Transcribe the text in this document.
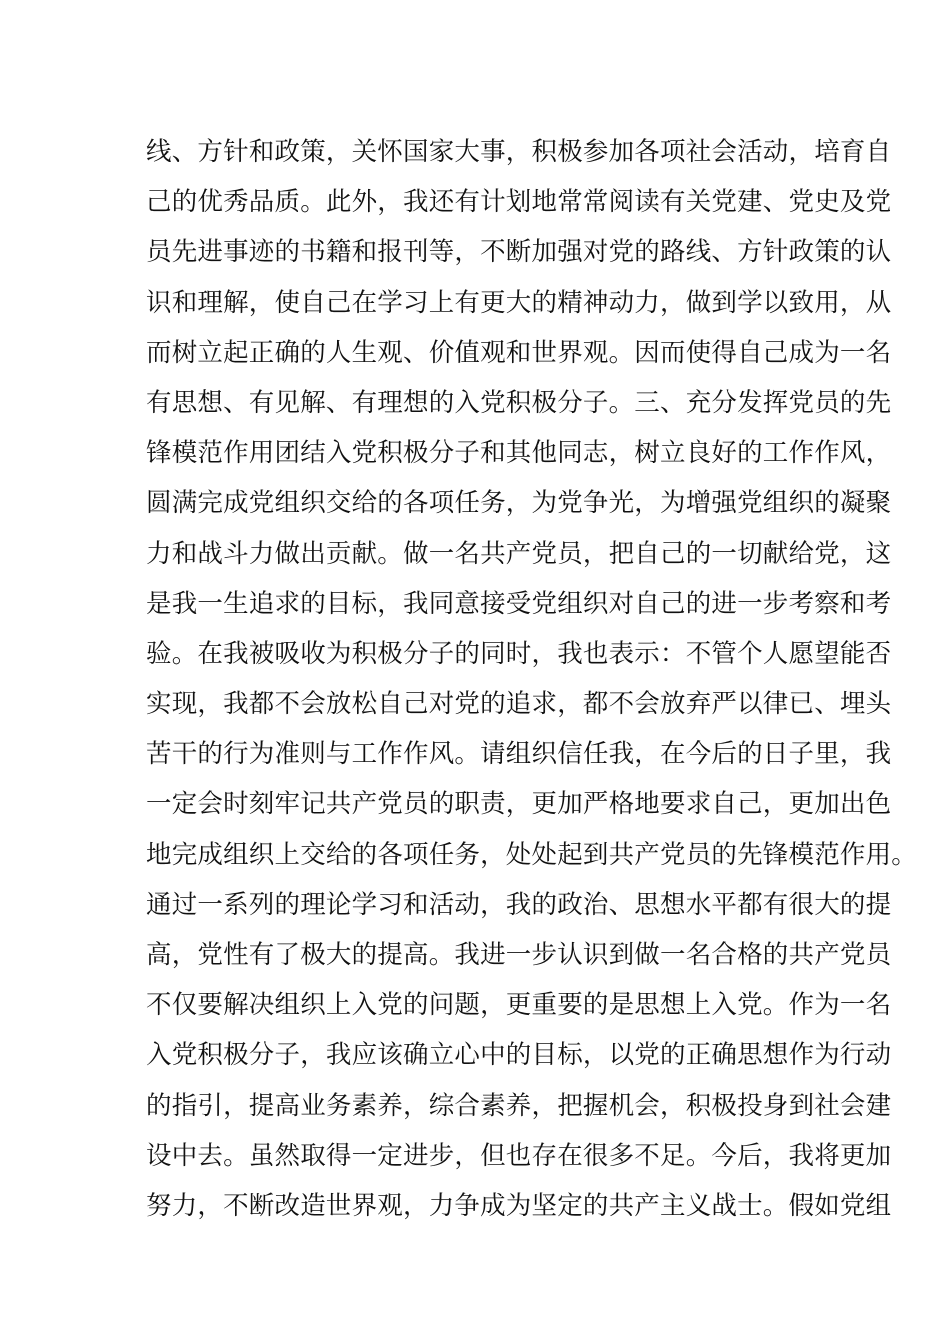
线、方针和政策，关怀国家大事，积极参加各项社会活动，培育自
己的优秀品质。此外，我还有计划地常常阅读有关党建、党史及党
员先进事迹的书籍和报刊等，不断加强对党的路线、方针政策的认
识和理解，使自己在学习上有更大的精神动力，做到学以致用，从
而树立起正确的人生观、价值观和世界观。因而使得自己成为一名
有思想、有见解、有理想的入党积极分子。三、充分发挥党员的先
锋模范作用团结入党积极分子和其他同志，树立良好的工作作风，
圆满完成党组织交给的各项任务，为党争光，为增强党组织的凝聚
力和战斗力做出贡献。做一名共产党员，把自己的一切献给党，这
是我一生追求的目标，我同意接受党组织对自己的进一步考察和考
验。在我被吸收为积极分子的同时，我也表示：不管个人愿望能否
实现，我都不会放松自己对党的追求，都不会放弃严以律已、埋头
苦干的行为准则与工作作风。请组织信任我，在今后的日子里，我
一定会时刻牢记共产党员的职责，更加严格地要求自己，更加出色
地完成组织上交给的各项任务，处处起到共产党员的先锋模范作用。
通过一系列的理论学习和活动，我的政治、思想水平都有很大的提
高，党性有了极大的提高。我进一步认识到做一名合格的共产党员
不仅要解决组织上入党的问题，更重要的是思想上入党。作为一名
入党积极分子，我应该确立心中的目标，以党的正确思想作为行动
的指引，提高业务素养，综合素养，把握机会，积极投身到社会建
设中去。虽然取得一定进步，但也存在很多不足。今后，我将更加
努力，不断改造世界观，力争成为坚定的共产主义战士。假如党组
